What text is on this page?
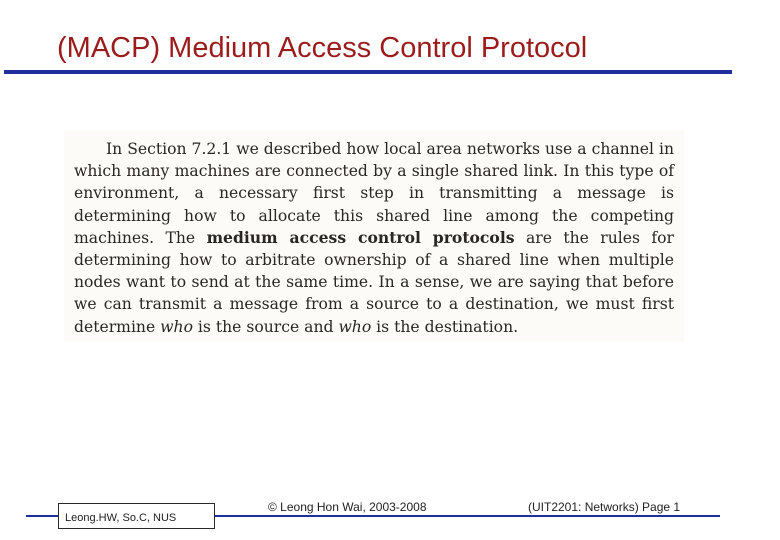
(MACP) Medium Access Control Protocol

In Section 7.2.1 we described how local area networks use a channel in which many machines are connected by a single shared link. In this type of environment, a necessary first step in transmitting a message is determining how to allocate this shared line among the competing machines. The medium access control protocols are the rules for determining how to arbitrate ownership of a shared line when multiple nodes want to send at the same time. In a sense, we are saying that before we can transmit a message from a source to a destination, we must first determine who is the source and who is the destination.

Leong.HW, So.C, NUS
© Leong Hon Wai, 2003-2008	(UIT2201: Networks) Page 1
